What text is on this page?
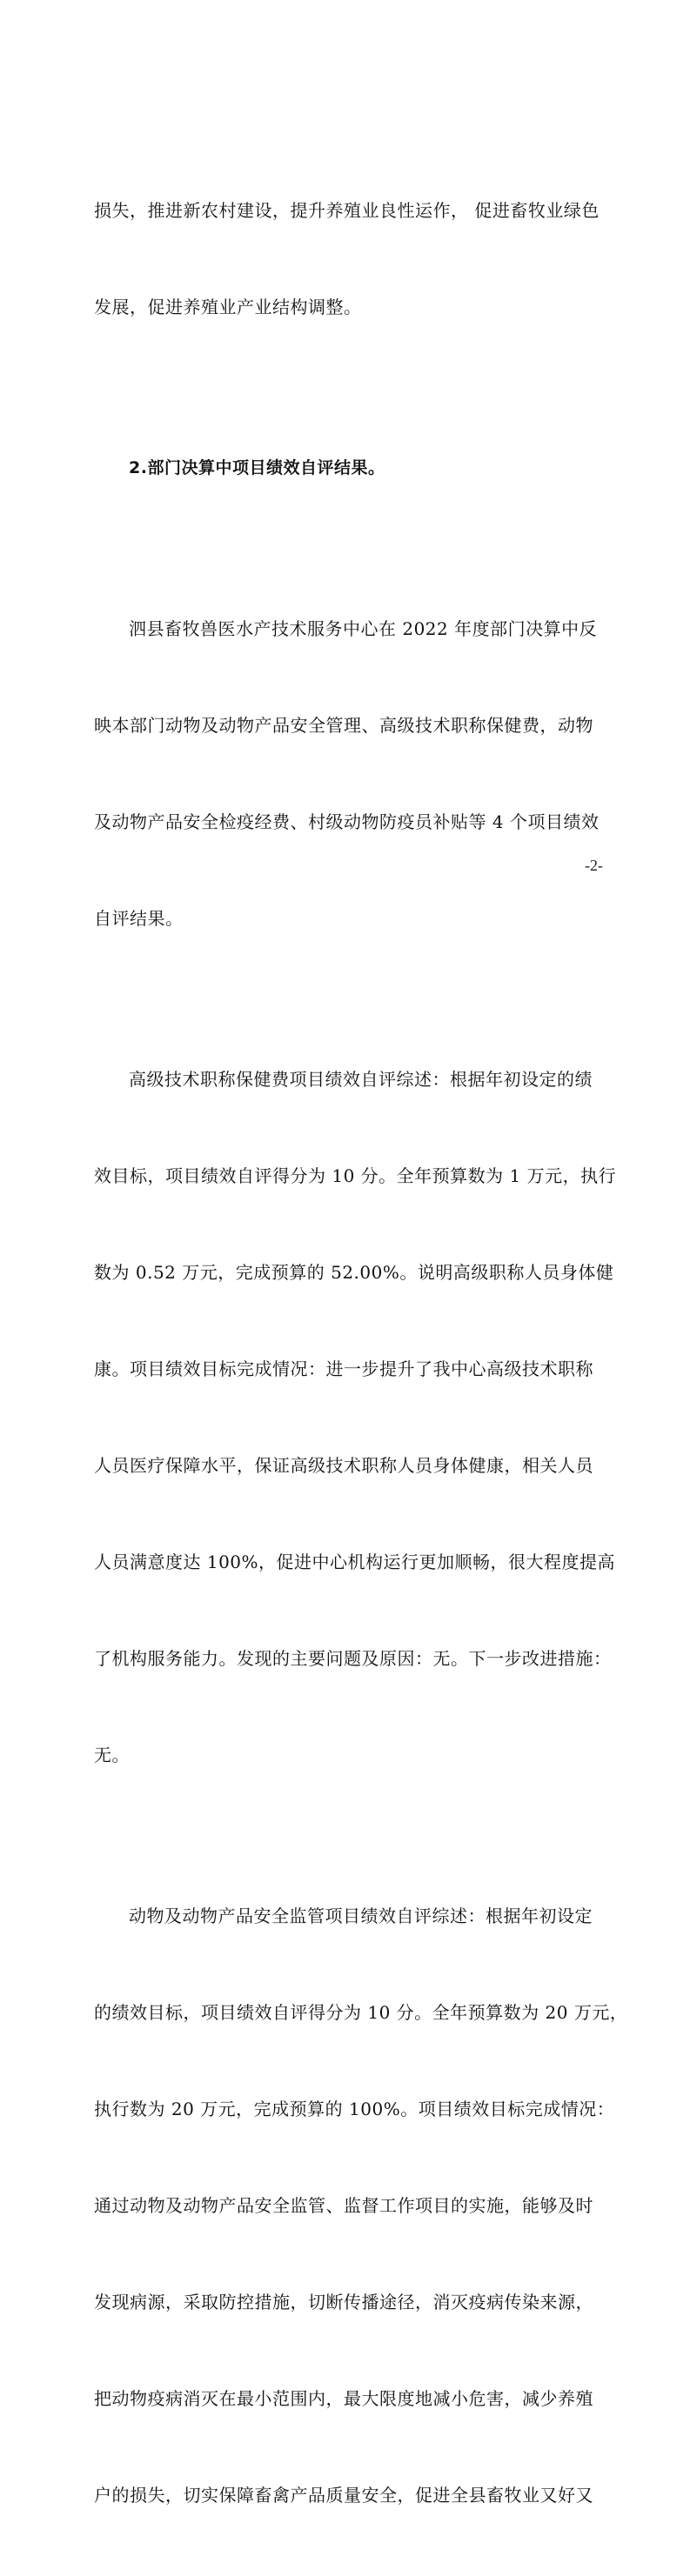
损失，推进新农村建设，提升养殖业良性运作， 促进畜牧业绿色

发展，促进养殖业产业结构调整。

2.部门决算中项目绩效自评结果。

泗县畜牧兽医水产技术服务中心在 2022 年度部门决算中反

映本部门动物及动物产品安全管理、高级技术职称保健费，动物

及动物产品安全检疫经费、村级动物防疫员补贴等 4 个项目绩效

自评结果。

高级技术职称保健费项目绩效自评综述：根据年初设定的绩

效目标，项目绩效自评得分为 10 分。全年预算数为 1 万元，执行

数为 0.52 万元，完成预算的 52.00%。说明高级职称人员身体健

康。项目绩效目标完成情况：进一步提升了我中心高级技术职称

人员医疗保障水平，保证高级技术职称人员身体健康，相关人员

人员满意度达 100%，促进中心机构运行更加顺畅，很大程度提高

了机构服务能力。发现的主要问题及原因：无。下一步改进措施：

无。

动物及动物产品安全监管项目绩效自评综述：根据年初设定

的绩效目标，项目绩效自评得分为 10 分。全年预算数为 20 万元，

执行数为 20 万元，完成预算的 100%。项目绩效目标完成情况：

通过动物及动物产品安全监管、监督工作项目的实施，能够及时

发现病源，采取防控措施，切断传播途径，消灭疫病传染来源，

把动物疫病消灭在最小范围内，最大限度地减小危害，减少养殖

户的损失，切实保障畜禽产品质量安全，促进全县畜牧业又好又

-2-
